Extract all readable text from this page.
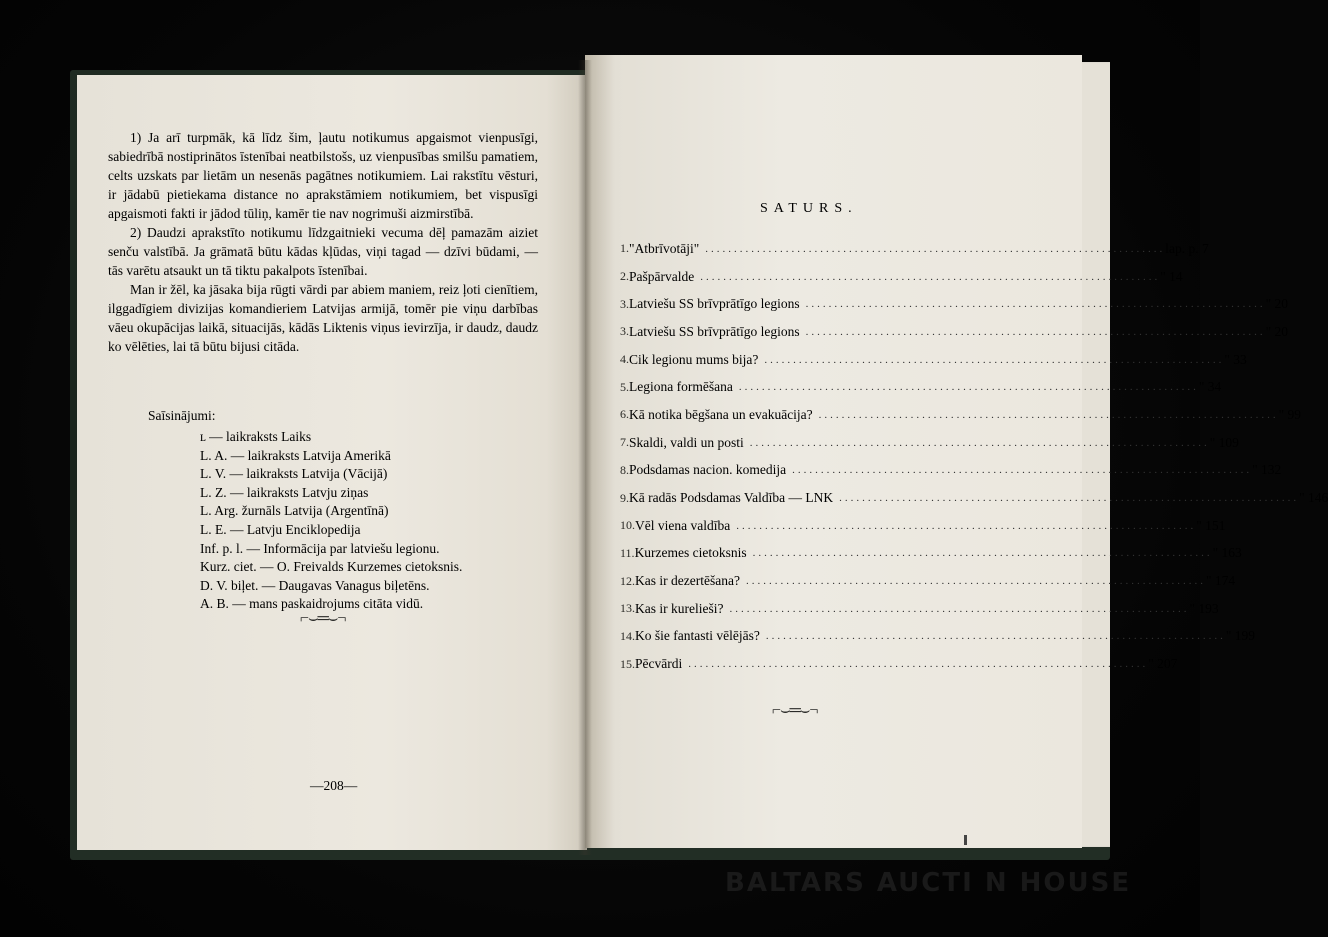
1) Ja arī turpmāk, kā līdz šim, ļautu notikumus apgaismot vienpusīgi, sabiedrībā nostiprinātos īstenībai neatbilstošs, uz vienpusības smilšu pamatiem, celts uzskats par lietām un nesenās pagātnes notikumiem. Lai rakstītu vēsturi, ir jādabū pietiekama distance no aprakstāmiem notikumiem, bet vispusīgi apgaismoti fakti ir jādod tūliņ, kamēr tie nav nogrimuši aizmirstībā.

2) Daudzi aprakstīto notikumu līdzgaitnieki vecuma dēļ pamazām aiziet senču valstībā. Ja grāmatā būtu kādas kļūdas, viņi tagad — dzīvi būdami, — tās varētu atsaukt un tā tiktu pakalpots īstenībai.

Man ir žēl, ka jāsaka bija rūgti vārdi par abiem maniem, reiz ļoti cienītiem, ilggadīgiem divizijas komandieriem Latvijas armijā, tomēr pie viņu darbības vāeu okupācijas laikā, situacijās, kādās Liktenis viņus ievirzīja, ir daudz, daudz ko vēlēties, lai tā būtu bijusi citāda.

Saīsinājumi:
ʟ — laikraksts Laiks
L. A. — laikraksts Latvija Amerikā
L. V. — laikraksts Latvija (Vācijā)
L. Z. — laikraksts Latvju ziņas
L. Arg. žurnāls Latvija (Argentīnā)
L. E. — Latvju Enciklopedija
Inf. p. l. — Informācija par latviešu legionu.
Kurz. ciet. — O. Freivalds Kurzemes cietoksnis.
D. V. biļet. — Daugavas Vanagus biļetēns.
A. B. — mans paskaidrojums citāta vidū.
⌐⌣═⌣¬
—208—
SATURS.
1. "Atbrīvotāji" ................................................................................ lap. p. 7
2. Pašpārvalde ................................................................................ " 14
3. Latviešu SS brīvprātīgo legions ................................................................................ " 20
3. Latviešu SS brīvprātīgo legions ................................................................................ " 20
4. Cik legionu mums bija? ................................................................................ " 33
5. Legiona formēšana ................................................................................ " 34
6. Kā notika bēgšana un evakuācija? ................................................................................ " 99
7. Skaldi, valdi un posti ................................................................................ " 109
8. Podsdamas nacion. komedija ................................................................................ " 132
9. Kā radās Podsdamas Valdība — LNK ................................................................................ " 146
10. Vēl viena valdība ................................................................................ " 151
11. Kurzemes cietoksnis ................................................................................ " 163
12. Kas ir dezertēšana? ................................................................................ " 174
13. Kas ir kurelieši? ................................................................................ " 193
14. Ko šie fantasti vēlējās? ................................................................................ " 199
15. Pēcvārdi ................................................................................ " 207
⌐⌣═⌣¬
BALTARS AUCTI N HOUSE
